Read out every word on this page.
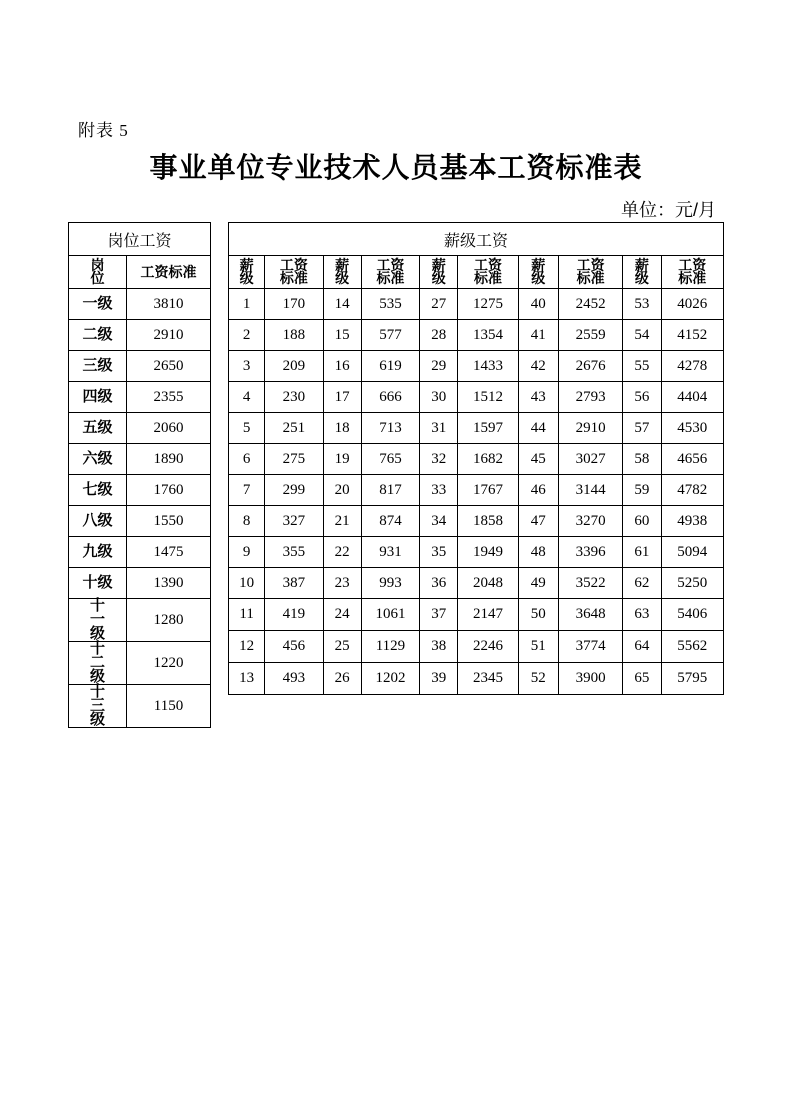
附表 5
事业单位专业技术人员基本工资标准表
单位：元/月
岗位工资	
岗位	工资标准
一级	3810
二级	2910
三级	2650
四级	2355
五级	2060
六级	1890
七级	1760
八级	1550
九级	1475
十级	1390
十一级	1280
十二级	1220
十三级	1150
薪级工资									
薪级	工资标准	薪级	工资标准	薪级	工资标准	薪级	工资标准	薪级	工资标准
1	170	14	535	27	1275	40	2452	53	4026
2	188	15	577	28	1354	41	2559	54	4152
3	209	16	619	29	1433	42	2676	55	4278
4	230	17	666	30	1512	43	2793	56	4404
5	251	18	713	31	1597	44	2910	57	4530
6	275	19	765	32	1682	45	3027	58	4656
7	299	20	817	33	1767	46	3144	59	4782
8	327	21	874	34	1858	47	3270	60	4938
9	355	22	931	35	1949	48	3396	61	5094
10	387	23	993	36	2048	49	3522	62	5250
11	419	24	1061	37	2147	50	3648	63	5406
12	456	25	1129	38	2246	51	3774	64	5562
13	493	26	1202	39	2345	52	3900	65	5795
